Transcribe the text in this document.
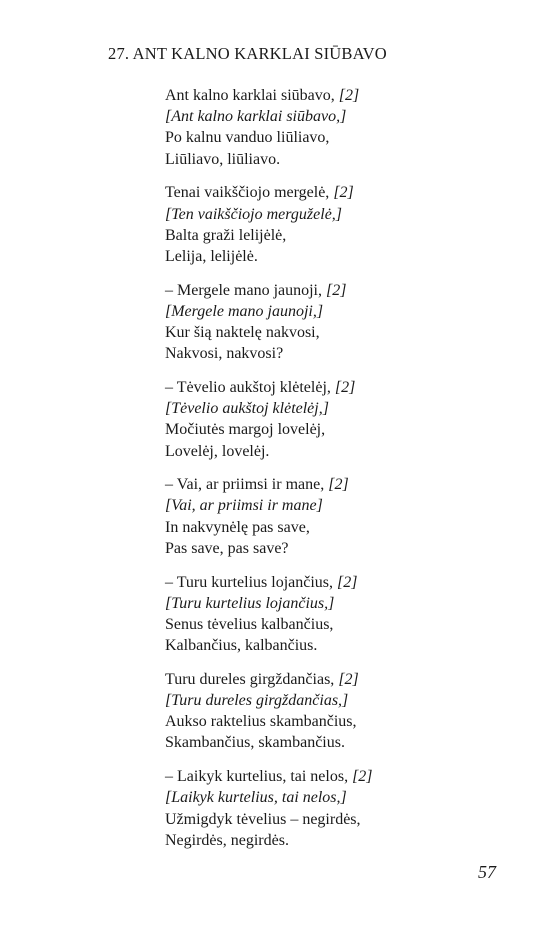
27. ANT KALNO KARKLAI SIŪBAVO
Ant kalno karklai siūbavo, [2]
[Ant kalno karklai siūbavo,]
Po kalnu vanduo liūliavo,
Liūliavo, liūliavo.
Tenai vaikščiojo mergelė, [2]
[Ten vaikščiojo merguželė,]
Balta graži lelijėlė,
Lelija, lelijėlė.
– Mergele mano jaunoji, [2]
[Mergele mano jaunoji,]
Kur šią naktelę nakvosi,
Nakvosi, nakvosi?
– Tėvelio aukštoj klėtelėj, [2]
[Tėvelio aukštoj klėtelėj,]
Močiutės margoj lovelėj,
Lovelėj, lovelėj.
– Vai, ar priimsi ir mane, [2]
[Vai, ar priimsi ir mane]
In nakvynėlę pas save,
Pas save, pas save?
– Turu kurtelius lojančius, [2]
[Turu kurtelius lojančius,]
Senus tėvelius kalbančius,
Kalbančius, kalbančius.
Turu dureles girgždančias, [2]
[Turu dureles girgždančias,]
Aukso raktelius skambančius,
Skambančius, skambančius.
– Laikyk kurtelius, tai nelos, [2]
[Laikyk kurtelius, tai nelos,]
Užmigdyk tėvelius – negirdės,
Negirdės, negirdės.
57
